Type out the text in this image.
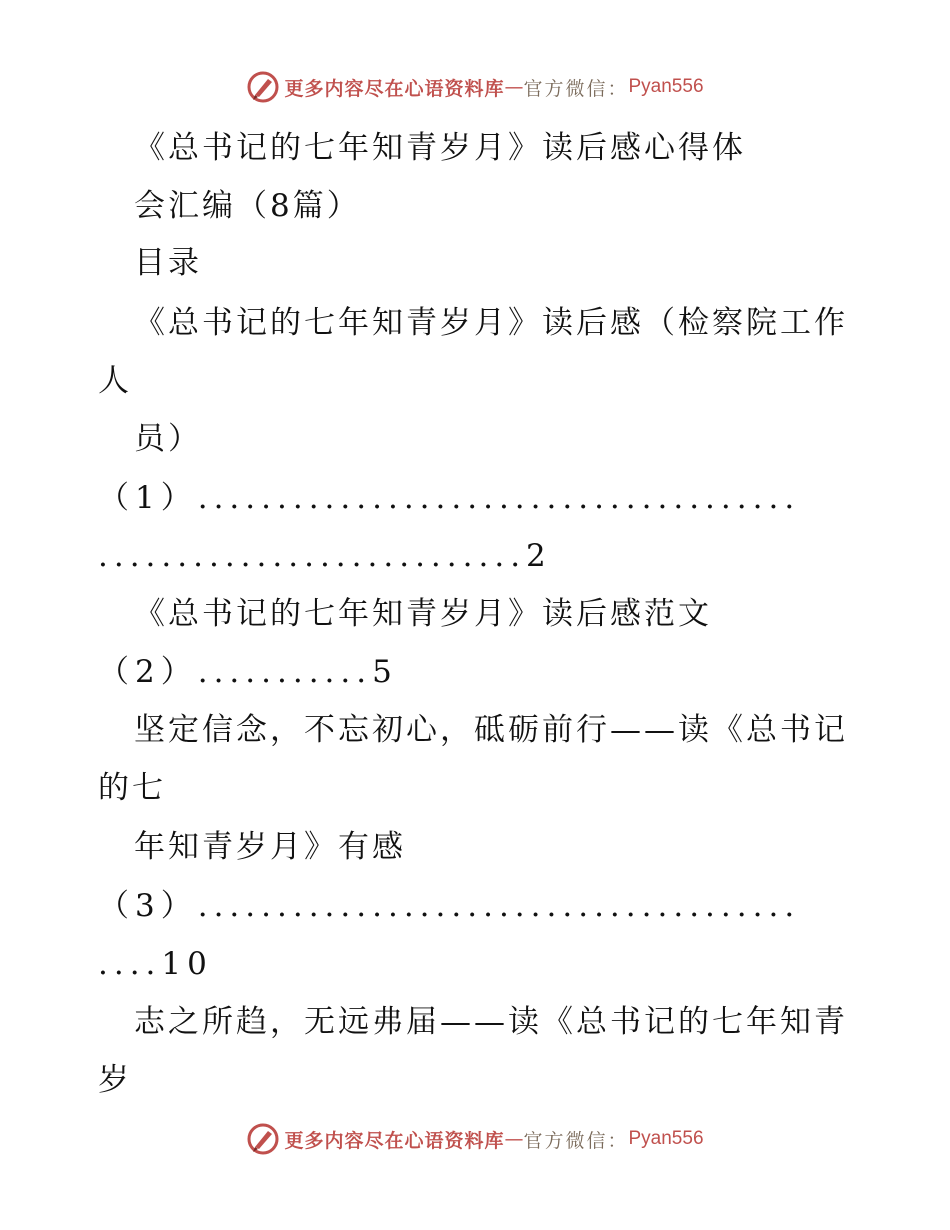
更多内容尽在心语资料库 — 官方微信： Pyan556
《总书记的七年知青岁月》读后感心得体
会汇编（8篇）
目录
《总书记的七年知青岁月》读后感（检察院工作
人
员）
（1）......................................
...........................2
《总书记的七年知青岁月》读后感范文
（2）...........5
坚定信念，不忘初心，砥砺前行——读《总书记
的七
年知青岁月》有感
（3）......................................
....10
志之所趋，无远弗届——读《总书记的七年知青
岁
更多内容尽在心语资料库 — 官方微信： Pyan556
